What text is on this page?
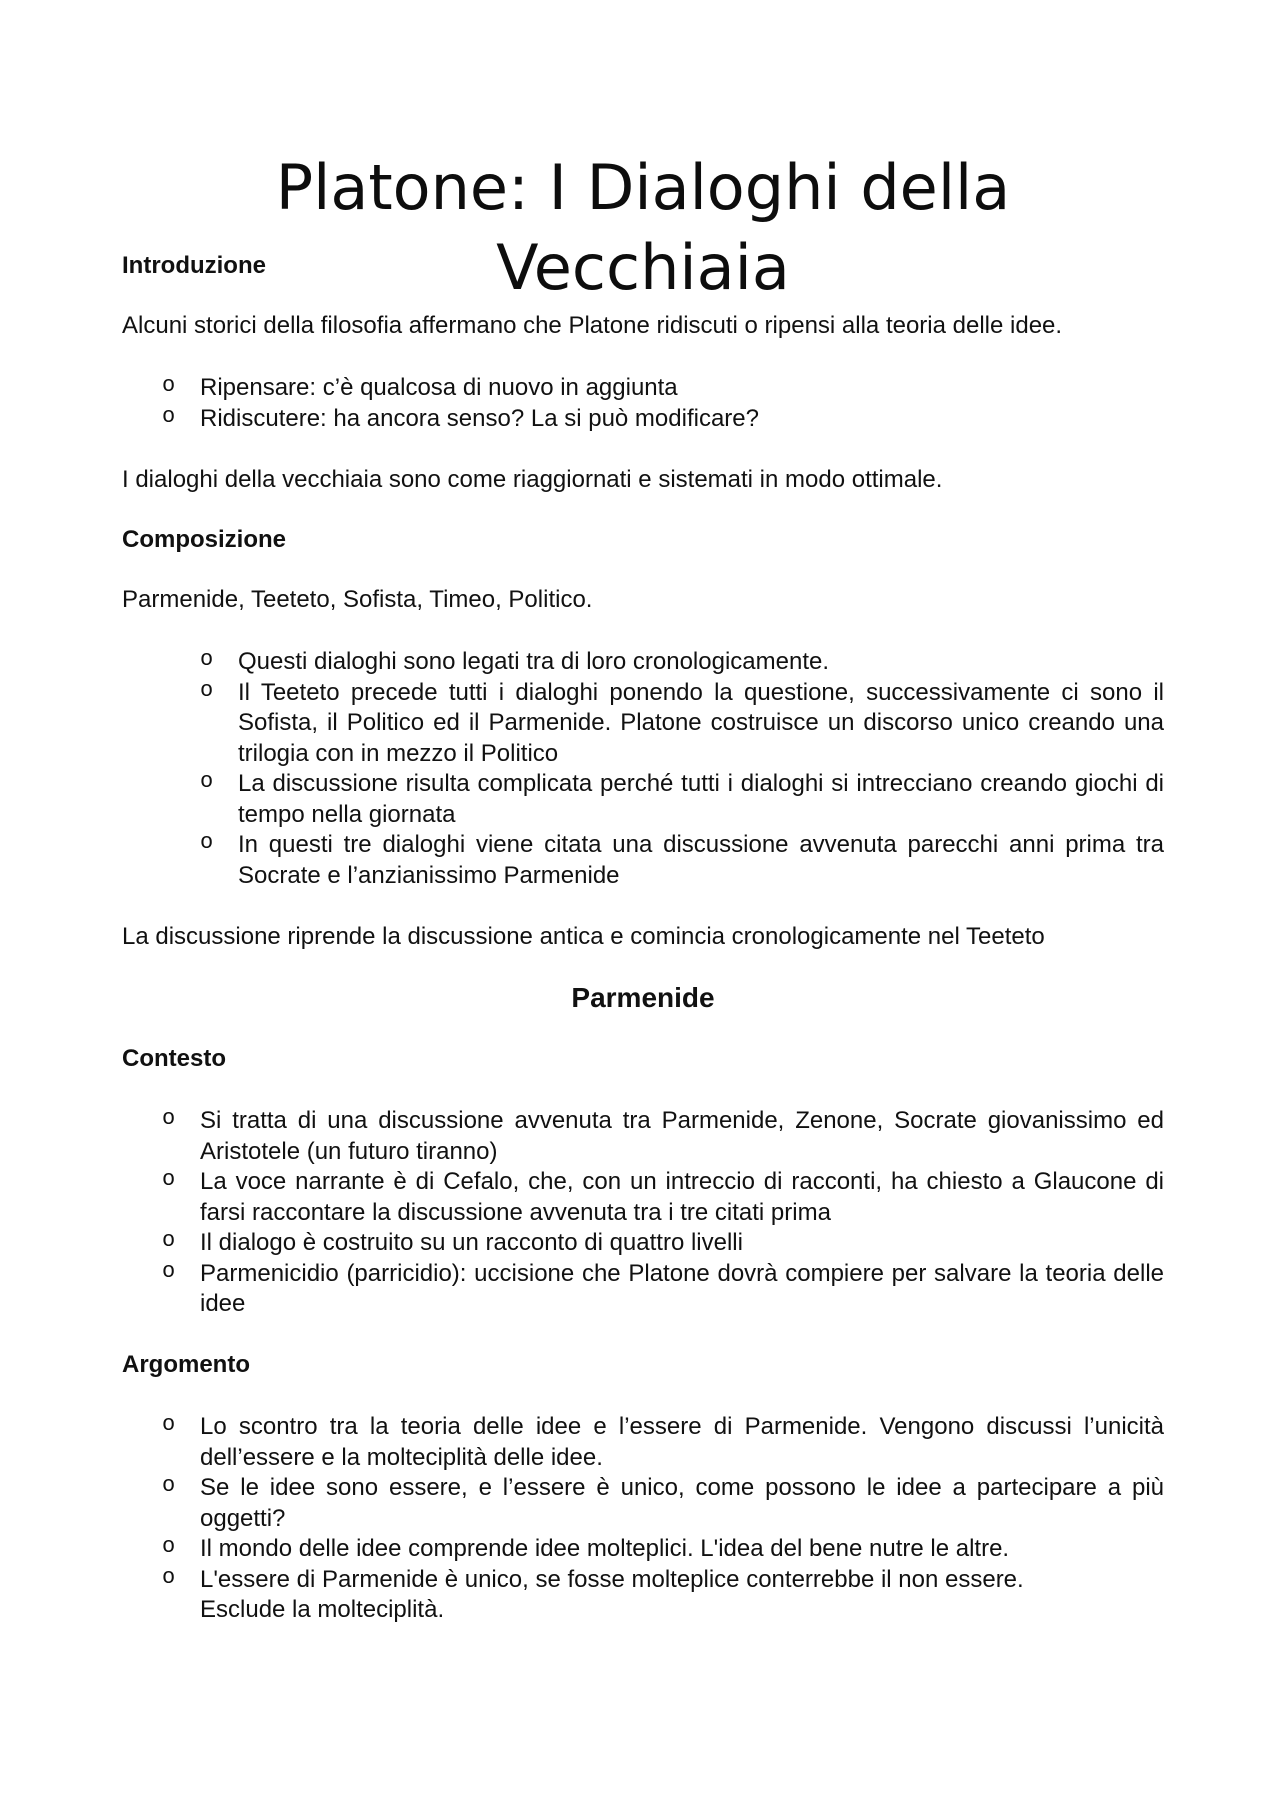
Platone: I Dialoghi della Vecchiaia
Introduzione

Alcuni storici della filosofia affermano che Platone ridiscuti o ripensi alla teoria delle idee.

o Ripensare: c’è qualcosa di nuovo in aggiunta
o Ridiscutere: ha ancora senso? La si può modificare?

I dialoghi della vecchiaia sono come riaggiornati e sistemati in modo ottimale.

Composizione

Parmenide, Teeteto, Sofista, Timeo, Politico.

o Questi dialoghi sono legati tra di loro cronologicamente.
o Il Teeteto precede tutti i dialoghi ponendo la questione, successivamente ci sono il Sofista, il Politico ed il Parmenide. Platone costruisce un discorso unico creando una trilogia con in mezzo il Politico
o La discussione risulta complicata perché tutti i dialoghi si intrecciano creando giochi di tempo nella giornata
o In questi tre dialoghi viene citata una discussione avvenuta parecchi anni prima tra Socrate e l’anzianissimo Parmenide

La discussione riprende la discussione antica e comincia cronologicamente nel Teeteto

Parmenide
Contesto
o Si tratta di una discussione avvenuta tra Parmenide, Zenone, Socrate giovanissimo ed Aristotele (un futuro tiranno)
o La voce narrante è di Cefalo, che, con un intreccio di racconti, ha chiesto a Glaucone di farsi raccontare la discussione avvenuta tra i tre citati prima
o Il dialogo è costruito su un racconto di quattro livelli
o Parmenicidio (parricidio): uccisione che Platone dovrà compiere per salvare la teoria delle idee
Argomento
o Lo scontro tra la teoria delle idee e l’essere di Parmenide. Vengono discussi l’unicità dell’essere e la molteciplità delle idee.
o Se le idee sono essere, e l’essere è unico, come possono le idee a partecipare a più oggetti?
o Il mondo delle idee comprende idee molteplici. L'idea del bene nutre le altre.
o L'essere di Parmenide è unico, se fosse molteplice conterrebbe il non essere. Esclude la molteciplità.
